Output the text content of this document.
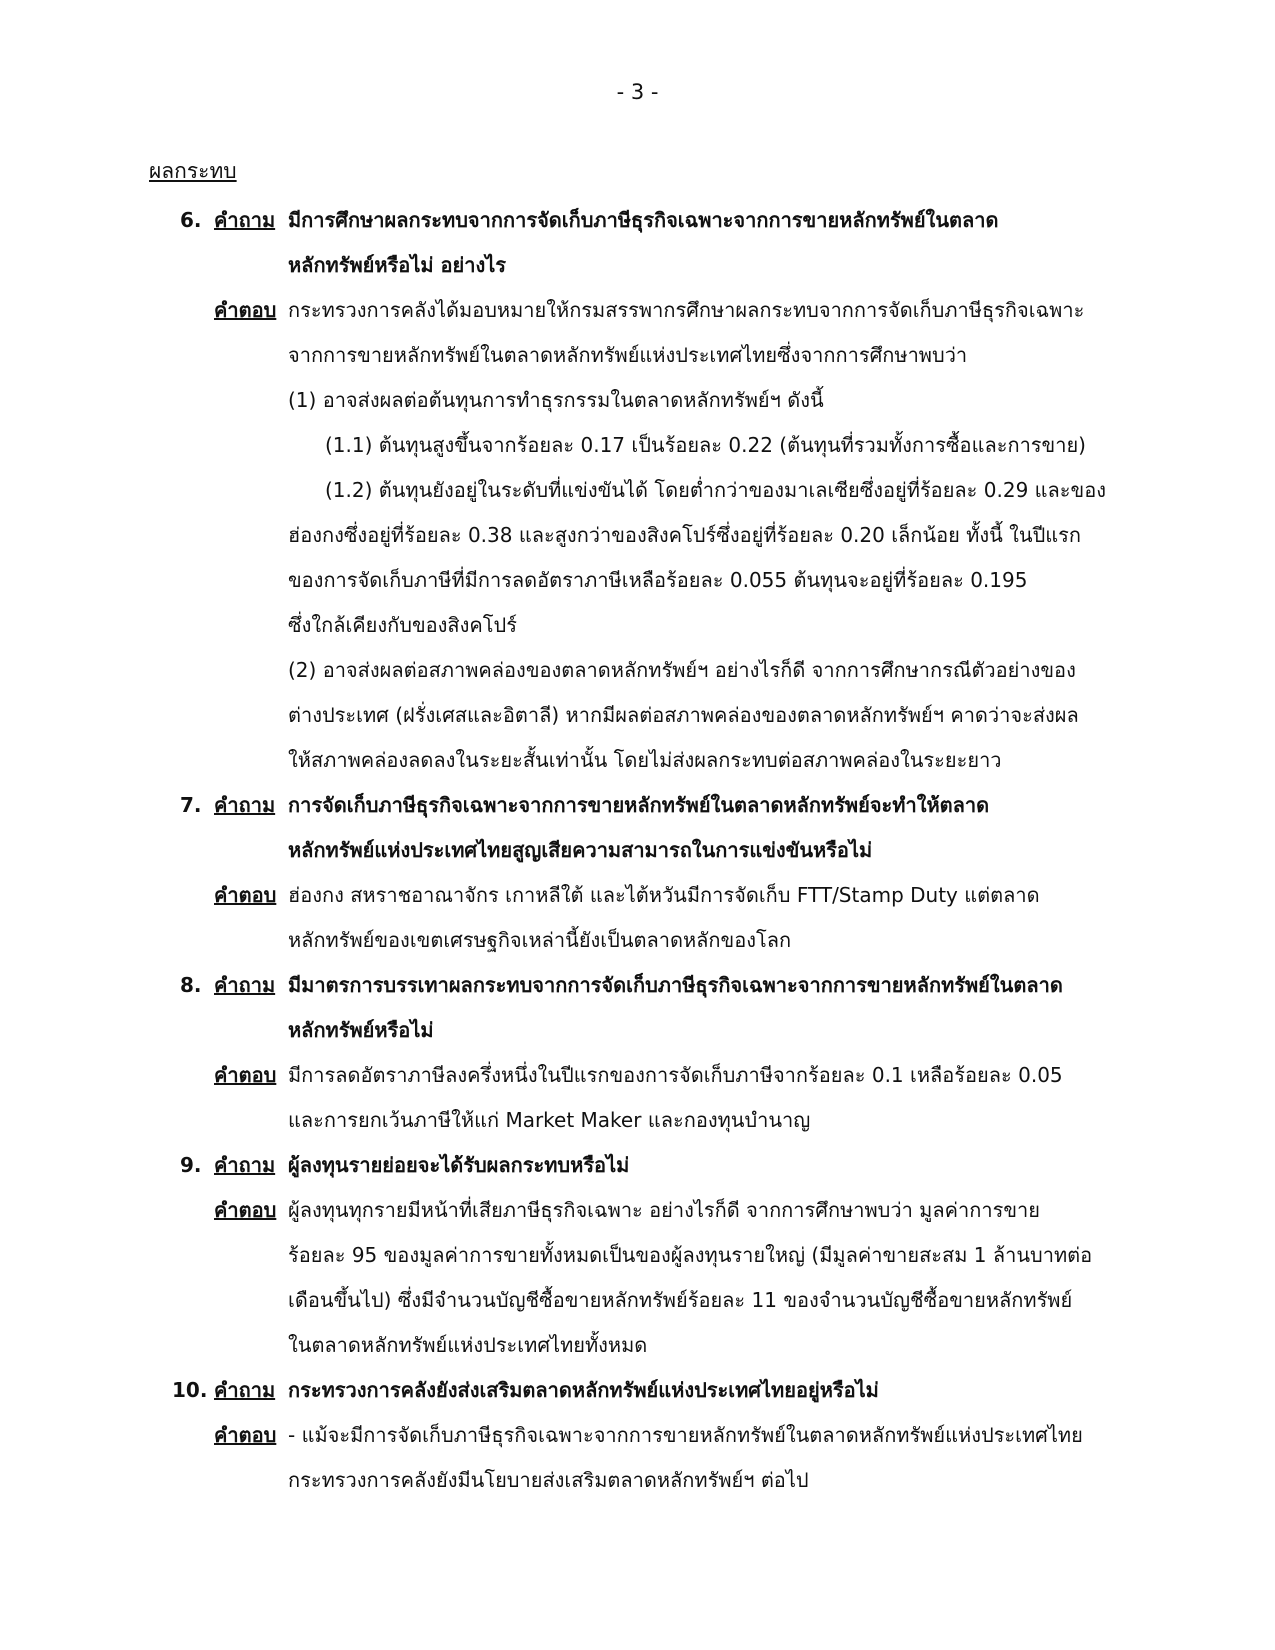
- 3 -
ผลกระทบ
6. คำถาม มีการศึกษาผลกระทบจากการจัดเก็บภาษีธุรกิจเฉพาะจากการขายหลักทรัพย์ในตลาด
หลักทรัพย์หรือไม่ อย่างไร
คำตอบ กระทรวงการคลังได้มอบหมายให้กรมสรรพากรศึกษาผลกระทบจากการจัดเก็บภาษีธุรกิจเฉพาะ
จากการขายหลักทรัพย์ในตลาดหลักทรัพย์แห่งประเทศไทยซึ่งจากการศึกษาพบว่า
(1) อาจส่งผลต่อต้นทุนการทำธุรกรรมในตลาดหลักทรัพย์ฯ ดังนี้
(1.1) ต้นทุนสูงขึ้นจากร้อยละ 0.17 เป็นร้อยละ 0.22 (ต้นทุนที่รวมทั้งการซื้อและการขาย)
(1.2) ต้นทุนยังอยู่ในระดับที่แข่งขันได้ โดยต่ำกว่าของมาเลเซียซึ่งอยู่ที่ร้อยละ 0.29 และของ
ฮ่องกงซึ่งอยู่ที่ร้อยละ 0.38 และสูงกว่าของสิงคโปร์ซึ่งอยู่ที่ร้อยละ 0.20 เล็กน้อย ทั้งนี้ ในปีแรก
ของการจัดเก็บภาษีที่มีการลดอัตราภาษีเหลือร้อยละ 0.055 ต้นทุนจะอยู่ที่ร้อยละ 0.195
ซึ่งใกล้เคียงกับของสิงคโปร์
(2) อาจส่งผลต่อสภาพคล่องของตลาดหลักทรัพย์ฯ อย่างไรก็ดี จากการศึกษากรณีตัวอย่างของ
ต่างประเทศ (ฝรั่งเศสและอิตาลี) หากมีผลต่อสภาพคล่องของตลาดหลักทรัพย์ฯ คาดว่าจะส่งผล
ให้สภาพคล่องลดลงในระยะสั้นเท่านั้น โดยไม่ส่งผลกระทบต่อสภาพคล่องในระยะยาว
7. คำถาม การจัดเก็บภาษีธุรกิจเฉพาะจากการขายหลักทรัพย์ในตลาดหลักทรัพย์จะทำให้ตลาด
หลักทรัพย์แห่งประเทศไทยสูญเสียความสามารถในการแข่งขันหรือไม่
คำตอบ ฮ่องกง สหราชอาณาจักร เกาหลีใต้ และไต้หวันมีการจัดเก็บ FTT/Stamp Duty แต่ตลาด
หลักทรัพย์ของเขตเศรษฐกิจเหล่านี้ยังเป็นตลาดหลักของโลก
8. คำถาม มีมาตรการบรรเทาผลกระทบจากการจัดเก็บภาษีธุรกิจเฉพาะจากการขายหลักทรัพย์ในตลาด
หลักทรัพย์หรือไม่
คำตอบ มีการลดอัตราภาษีลงครึ่งหนึ่งในปีแรกของการจัดเก็บภาษีจากร้อยละ 0.1 เหลือร้อยละ 0.05
และการยกเว้นภาษีให้แก่ Market Maker และกองทุนบำนาญ
9. คำถาม ผู้ลงทุนรายย่อยจะได้รับผลกระทบหรือไม่
คำตอบ ผู้ลงทุนทุกรายมีหน้าที่เสียภาษีธุรกิจเฉพาะ อย่างไรก็ดี จากการศึกษาพบว่า มูลค่าการขาย
ร้อยละ 95 ของมูลค่าการขายทั้งหมดเป็นของผู้ลงทุนรายใหญ่ (มีมูลค่าขายสะสม 1 ล้านบาทต่อ
เดือนขึ้นไป) ซึ่งมีจำนวนบัญชีซื้อขายหลักทรัพย์ร้อยละ 11 ของจำนวนบัญชีซื้อขายหลักทรัพย์
ในตลาดหลักทรัพย์แห่งประเทศไทยทั้งหมด
10. คำถาม กระทรวงการคลังยังส่งเสริมตลาดหลักทรัพย์แห่งประเทศไทยอยู่หรือไม่
คำตอบ - แม้จะมีการจัดเก็บภาษีธุรกิจเฉพาะจากการขายหลักทรัพย์ในตลาดหลักทรัพย์แห่งประเทศไทย
กระทรวงการคลังยังมีนโยบายส่งเสริมตลาดหลักทรัพย์ฯ ต่อไป
